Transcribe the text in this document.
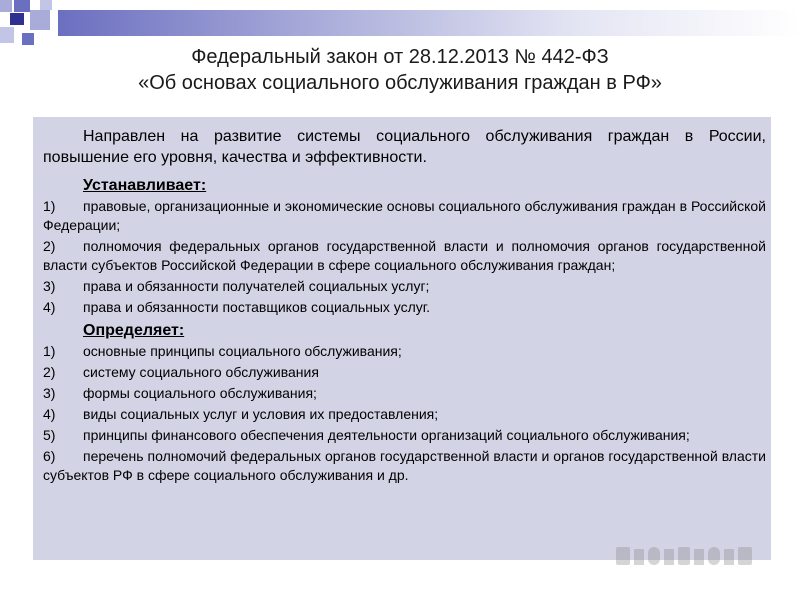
Федеральный закон от 28.12.2013 № 442-ФЗ
«Об основах социального обслуживания граждан в РФ»

Направлен на развитие системы социального обслуживания граждан в России, повышение его уровня, качества и эффективности.

Устанавливает:
1) правовые, организационные и экономические основы социального обслуживания граждан в Российской Федерации;
2) полномочия федеральных органов государственной власти и полномочия органов государственной власти субъектов Российской Федерации в сфере социального обслуживания граждан;
3) права и обязанности получателей социальных услуг;
4) права и обязанности поставщиков социальных услуг.
Определяет:
1) основные принципы социального обслуживания;
2) систему социального обслуживания
3) формы социального обслуживания;
4) виды социальных услуг и условия их предоставления;
5) принципы финансового обеспечения деятельности организаций социального обслуживания;
6) перечень полномочий федеральных органов государственной власти и органов государственной власти субъектов РФ в сфере социального обслуживания и др.
